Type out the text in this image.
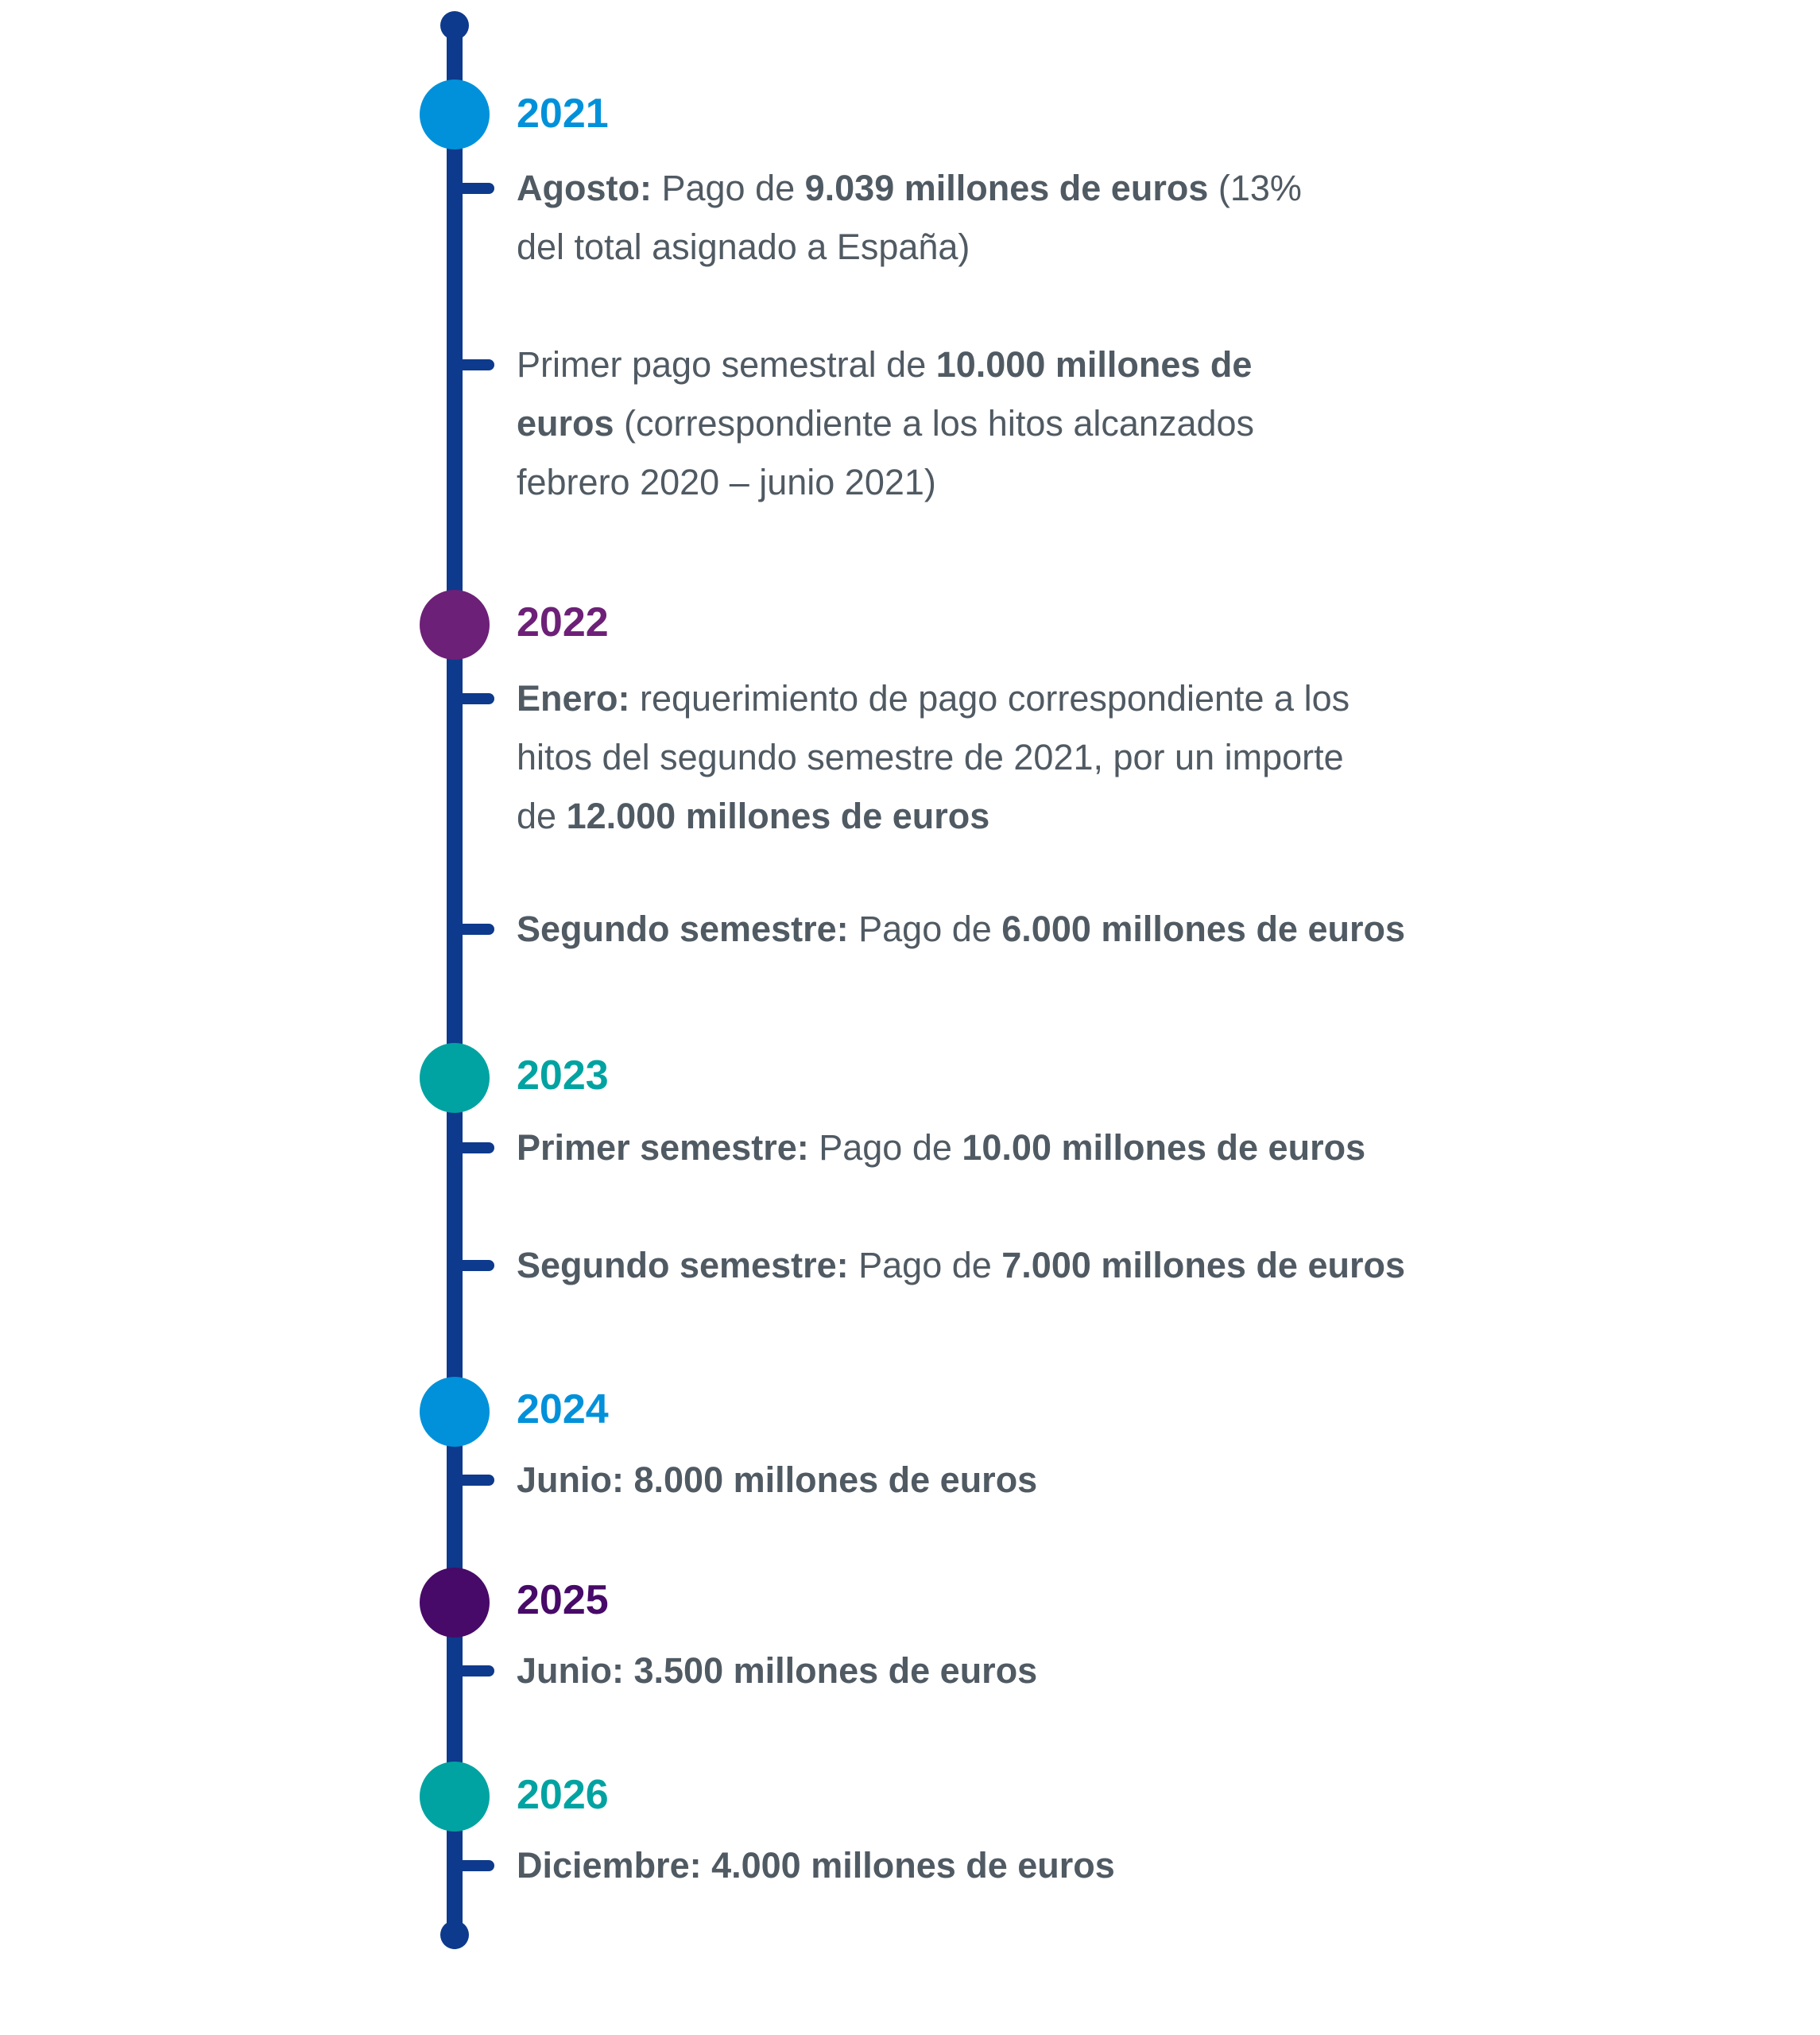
2021
Agosto: Pago de 9.039 millones de euros (13%
del total asignado a España)
Primer pago semestral de 10.000 millones de
euros (correspondiente a los hitos alcanzados
febrero 2020 – junio 2021)
2022
Enero: requerimiento de pago correspondiente a los
hitos del segundo semestre de 2021, por un importe
de 12.000 millones de euros
Segundo semestre: Pago de 6.000 millones de euros
2023
Primer semestre: Pago de 10.00 millones de euros
Segundo semestre: Pago de 7.000 millones de euros
2024
Junio: 8.000 millones de euros
2025
Junio: 3.500 millones de euros
2026
Diciembre: 4.000 millones de euros
